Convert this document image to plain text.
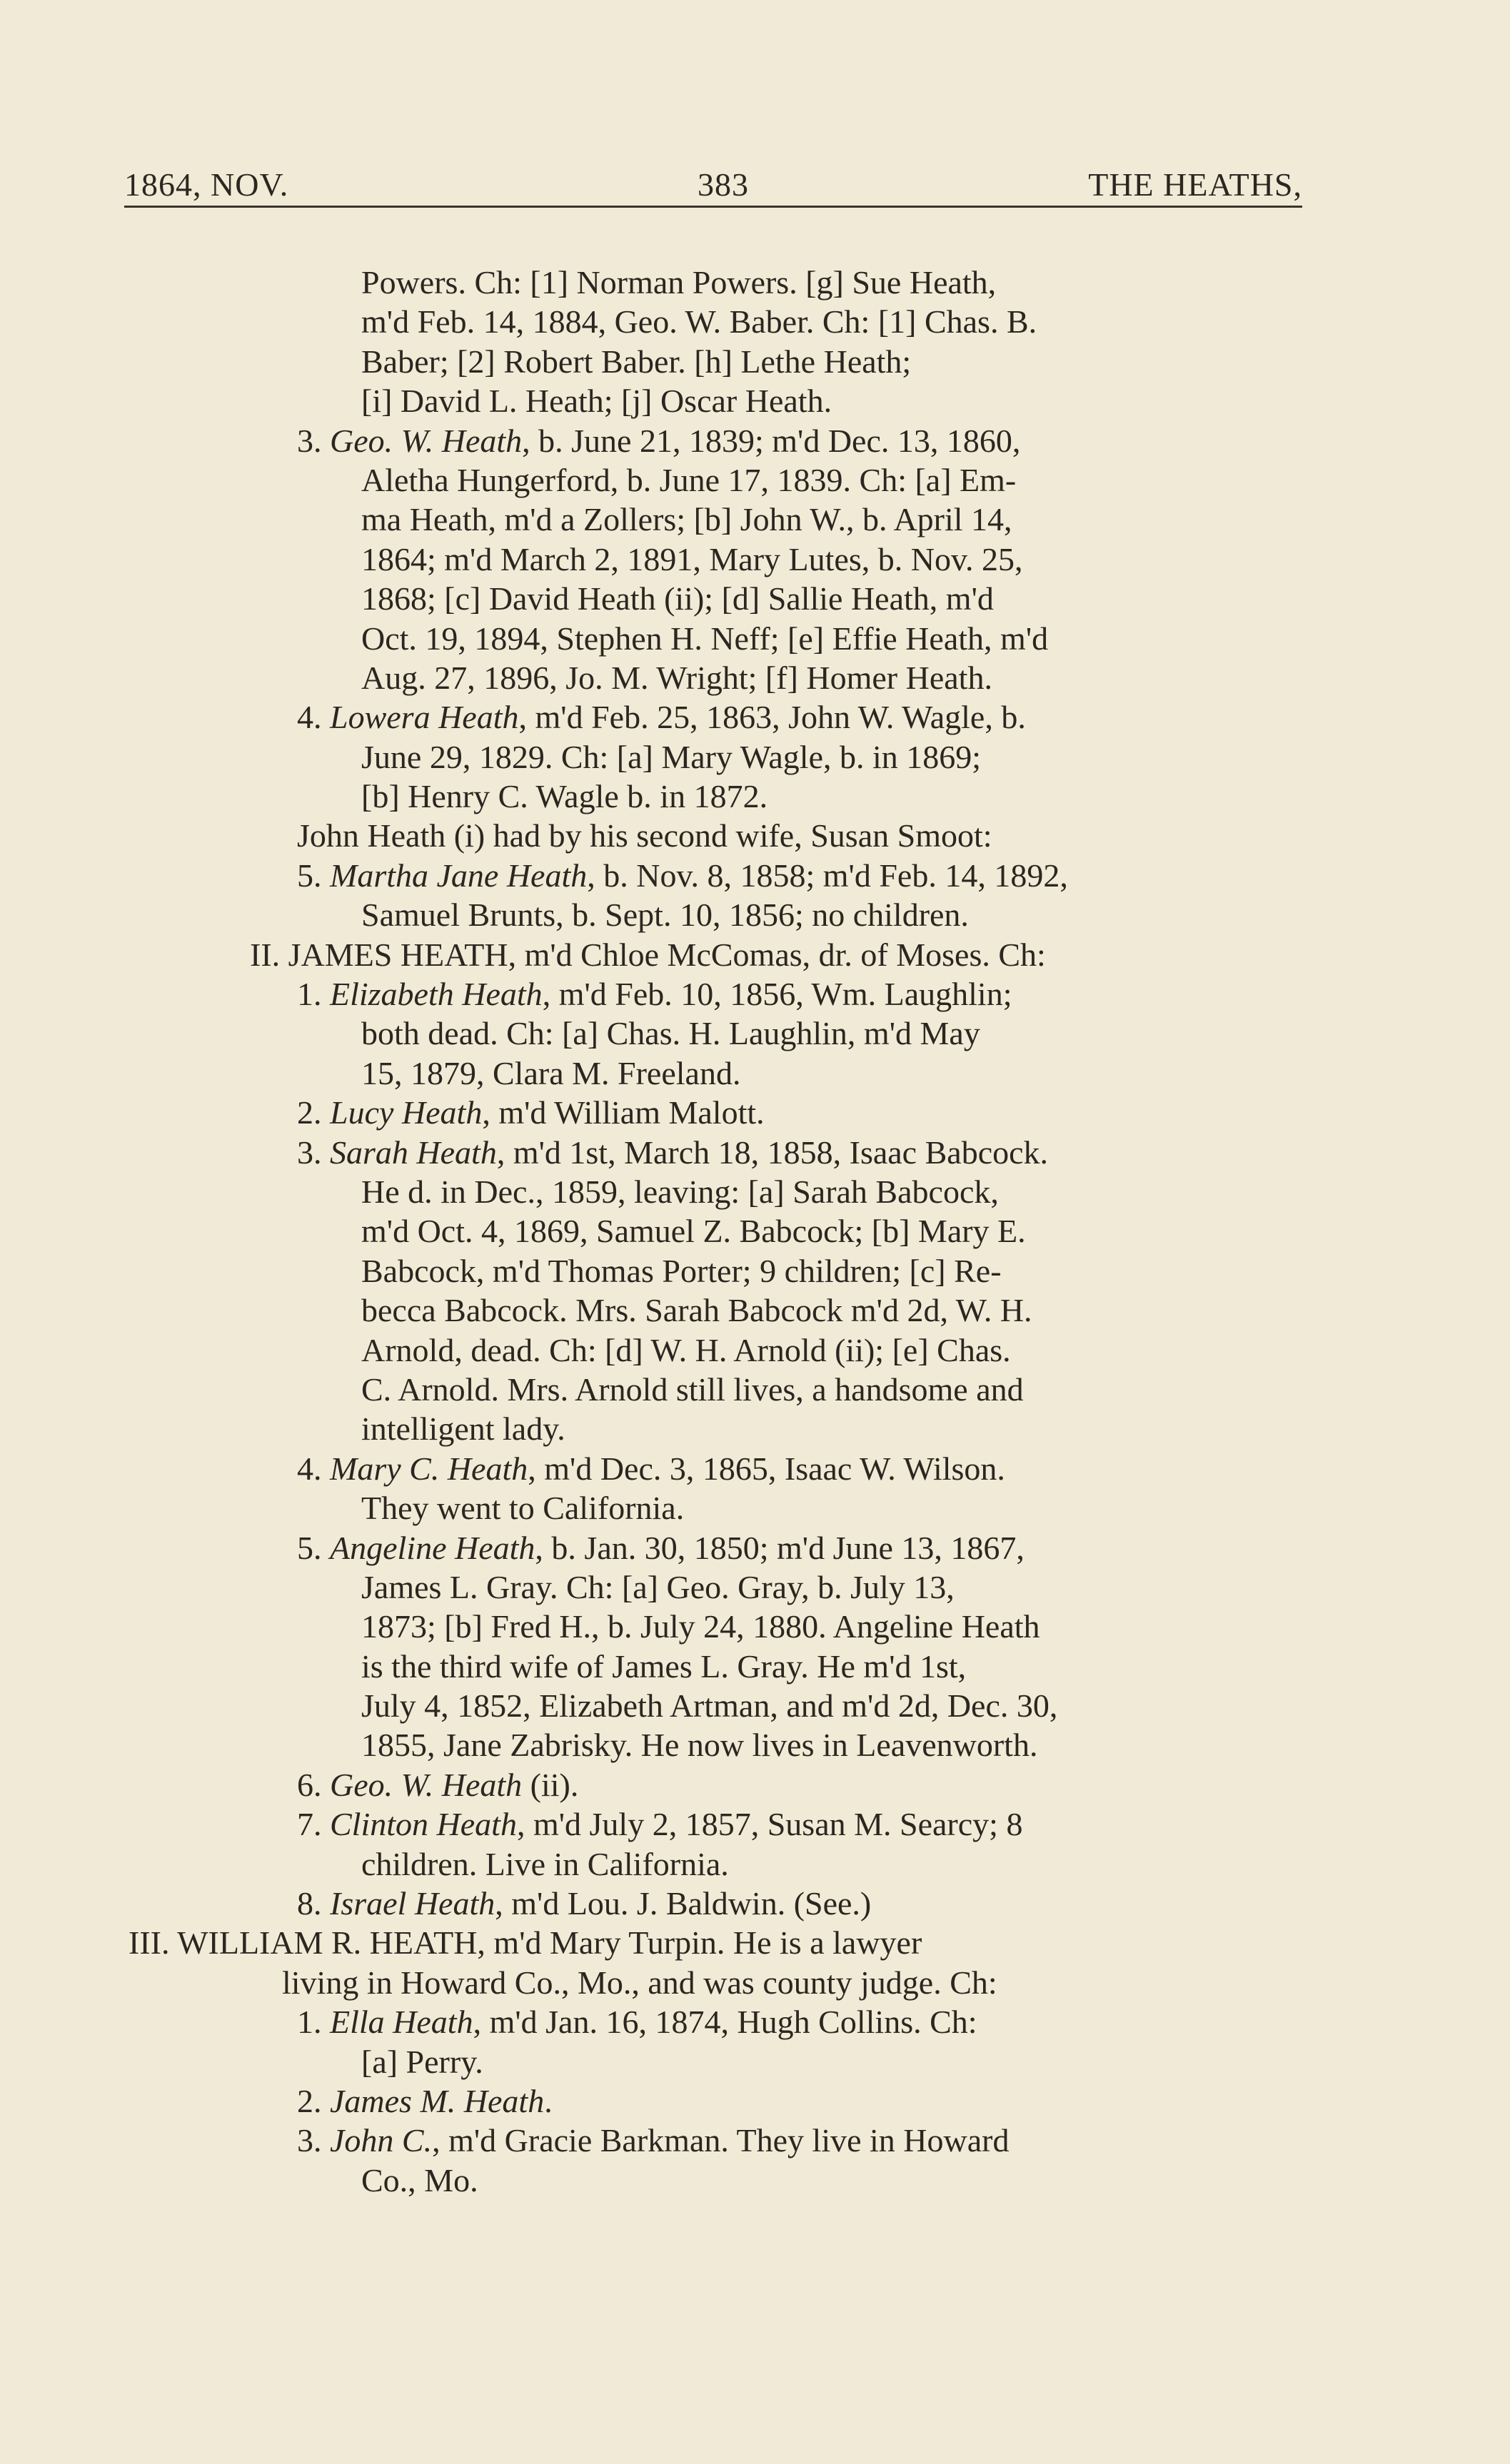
1864, NOV.	383	THE HEATHS,
Powers. Ch: [1] Norman Powers. [g] Sue Heath,
m'd Feb. 14, 1884, Geo. W. Baber. Ch: [1] Chas. B.
Baber; [2] Robert Baber. [h] Lethe Heath;
[i] David L. Heath; [j] Oscar Heath.
3. Geo. W. Heath, b. June 21, 1839; m'd Dec. 13, 1860,
Aletha Hungerford, b. June 17, 1839. Ch: [a] Em-
ma Heath, m'd a Zollers; [b] John W., b. April 14,
1864; m'd March 2, 1891, Mary Lutes, b. Nov. 25,
1868; [c] David Heath (ii); [d] Sallie Heath, m'd
Oct. 19, 1894, Stephen H. Neff; [e] Effie Heath, m'd
Aug. 27, 1896, Jo. M. Wright; [f] Homer Heath.
4. Lowera Heath, m'd Feb. 25, 1863, John W. Wagle, b.
June 29, 1829. Ch: [a] Mary Wagle, b. in 1869;
[b] Henry C. Wagle b. in 1872.
John Heath (i) had by his second wife, Susan Smoot:
5. Martha Jane Heath, b. Nov. 8, 1858; m'd Feb. 14, 1892,
Samuel Brunts, b. Sept. 10, 1856; no children.
II. JAMES HEATH, m'd Chloe McComas, dr. of Moses. Ch:
1. Elizabeth Heath, m'd Feb. 10, 1856, Wm. Laughlin;
both dead. Ch: [a] Chas. H. Laughlin, m'd May
15, 1879, Clara M. Freeland.
2. Lucy Heath, m'd William Malott.
3. Sarah Heath, m'd 1st, March 18, 1858, Isaac Babcock.
He d. in Dec., 1859, leaving: [a] Sarah Babcock,
m'd Oct. 4, 1869, Samuel Z. Babcock; [b] Mary E.
Babcock, m'd Thomas Porter; 9 children; [c] Re-
becca Babcock. Mrs. Sarah Babcock m'd 2d, W. H.
Arnold, dead. Ch: [d] W. H. Arnold (ii); [e] Chas.
C. Arnold. Mrs. Arnold still lives, a handsome and
intelligent lady.
4. Mary C. Heath, m'd Dec. 3, 1865, Isaac W. Wilson.
They went to California.
5. Angeline Heath, b. Jan. 30, 1850; m'd June 13, 1867,
James L. Gray. Ch: [a] Geo. Gray, b. July 13,
1873; [b] Fred H., b. July 24, 1880. Angeline Heath
is the third wife of James L. Gray. He m'd 1st,
July 4, 1852, Elizabeth Artman, and m'd 2d, Dec. 30,
1855, Jane Zabrisky. He now lives in Leavenworth.
6. Geo. W. Heath (ii).
7. Clinton Heath, m'd July 2, 1857, Susan M. Searcy; 8
children. Live in California.
8. Israel Heath, m'd Lou. J. Baldwin. (See.)
III. WILLIAM R. HEATH, m'd Mary Turpin. He is a lawyer
living in Howard Co., Mo., and was county judge. Ch:
1. Ella Heath, m'd Jan. 16, 1874, Hugh Collins. Ch:
[a] Perry.
2. James M. Heath.
3. John C., m'd Gracie Barkman. They live in Howard
Co., Mo.
